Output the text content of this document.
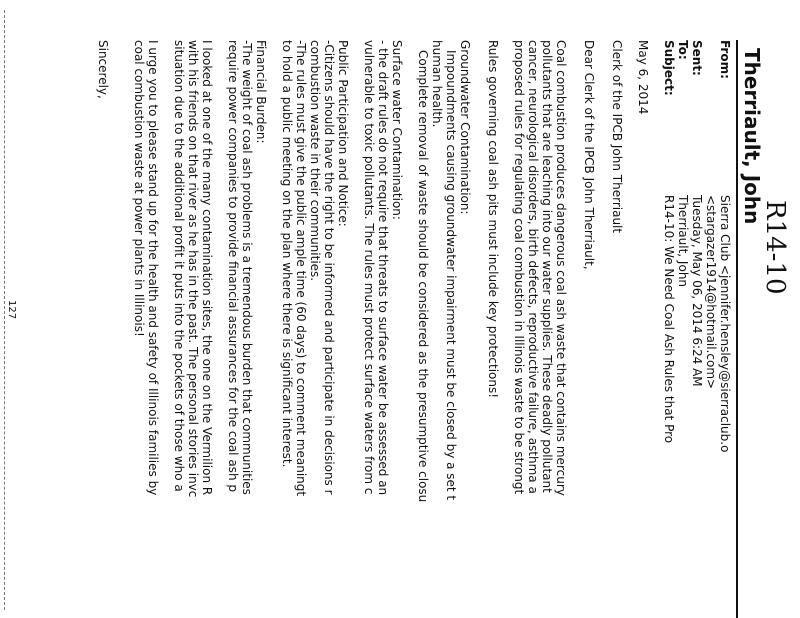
R14-10
Therriault, John
From:
Sent:
To:
Subject:
Sierra Club <jennifer.hensley@sierraclub.o
<stargazer1914@hotmail.com>
Tuesday, May 06, 2014 6:24 AM
Therriault, John
R14-10: We Need Coal Ash Rules that Pro
May 6, 2014
Clerk of the IPCB John Therriault
Dear Clerk of the IPCB John Therriault,
Coal combustion produces dangerous coal ash waste that contains mercury
pollutants that are leaching into our water supplies. These deadly pollutant
cancer, neurological disorders, birth defects, reproductive failure, asthma a
proposed rules for regulating coal combustion in Illinois waste to be strongt
Rules governing coal ash pits must include key protections!
Groundwater Contamination:
Impoundments causing groundwater impairment must be closed by a set t
human health.
Complete removal of waste should be considered as the presumptive closu
Surface water Contamination:
- the draft rules do not require that threats to surface water be assessed an
vulnerable to toxic pollutants. The rules must protect surface waters from c
Public Participation and Notice:
-Citizens should have the right to be informed and participate in decisions r
combustion waste in their communities.
-The rules must give the public ample time (60 days) to comment meaningt
to hold a public meeting on the plan where there is significant interest.
Financial Burden:
-The weight of coal ash problems is a tremendous burden that communities
require power companies to provide financial assurances for the coal ash p
I looked at one of the many contamination sites, the one on the Vermilion R
with his friends on that river as he has in the past. The personal stories invc
situation due to the additional profit it puts into the pockets of those who a
I urge you to please stand up for the health and safety of Illinois families by
coal combustion waste at power plants in Illinois!
Sincerely,
127
